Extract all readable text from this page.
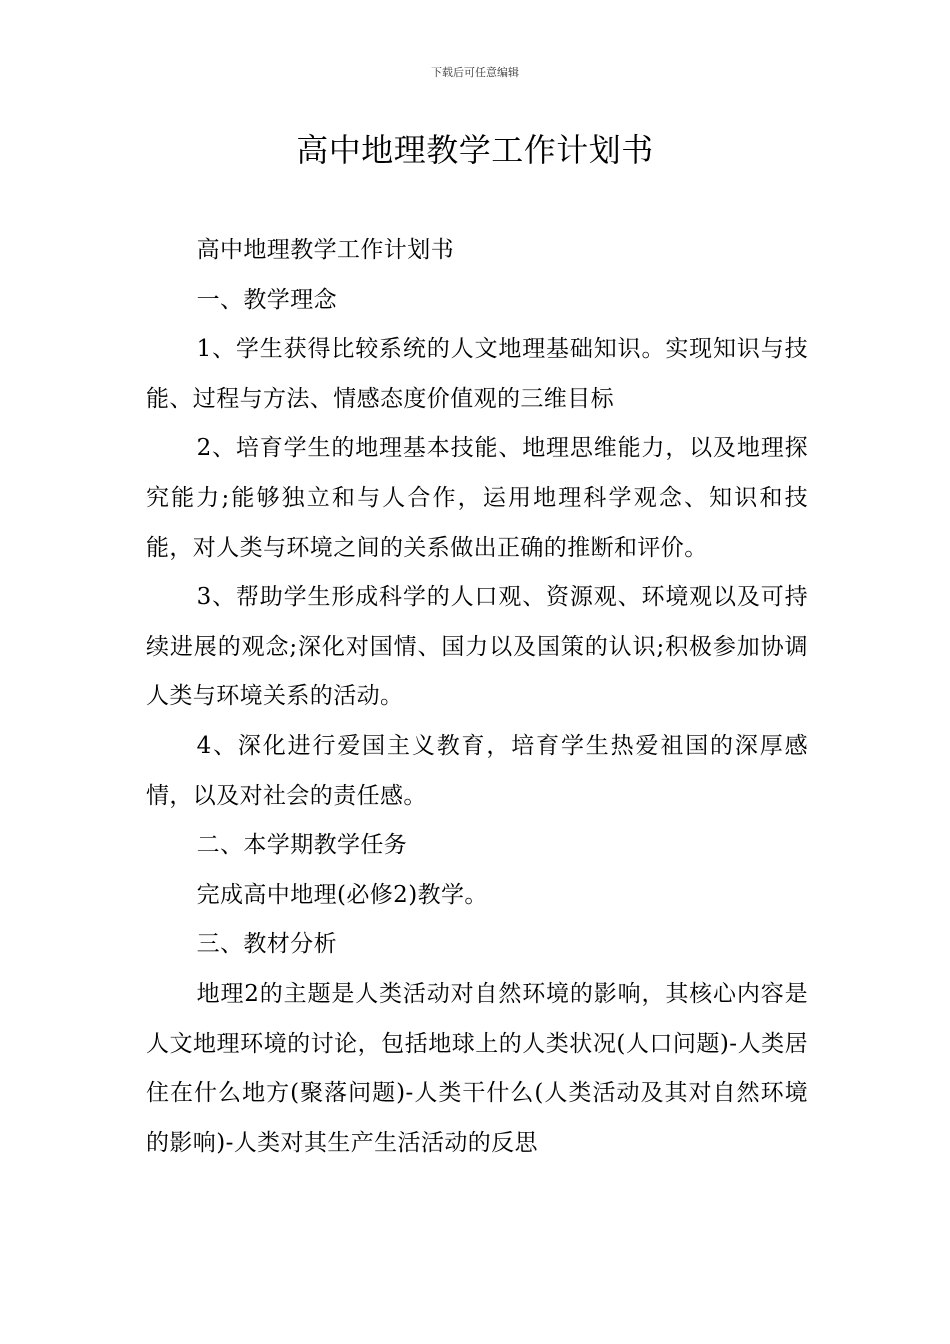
下载后可任意编辑
高中地理教学工作计划书

高中地理教学工作计划书

一、教学理念

1、学生获得比较系统的人文地理基础知识。实现知识与技能、过程与方法、情感态度价值观的三维目标

2、培育学生的地理基本技能、地理思维能力，以及地理探究能力;能够独立和与人合作，运用地理科学观念、知识和技能，对人类与环境之间的关系做出正确的推断和评价。

3、帮助学生形成科学的人口观、资源观、环境观以及可持续进展的观念;深化对国情、国力以及国策的认识;积极参加协调人类与环境关系的活动。

4、深化进行爱国主义教育，培育学生热爱祖国的深厚感情，以及对社会的责任感。

二、本学期教学任务

完成高中地理(必修2)教学。

三、教材分析

地理2的主题是人类活动对自然环境的影响，其核心内容是人文地理环境的讨论，包括地球上的人类状况(人口问题)-人类居住在什么地方(聚落问题)-人类干什么(人类活动及其对自然环境的影响)-人类对其生产生活活动的反思
